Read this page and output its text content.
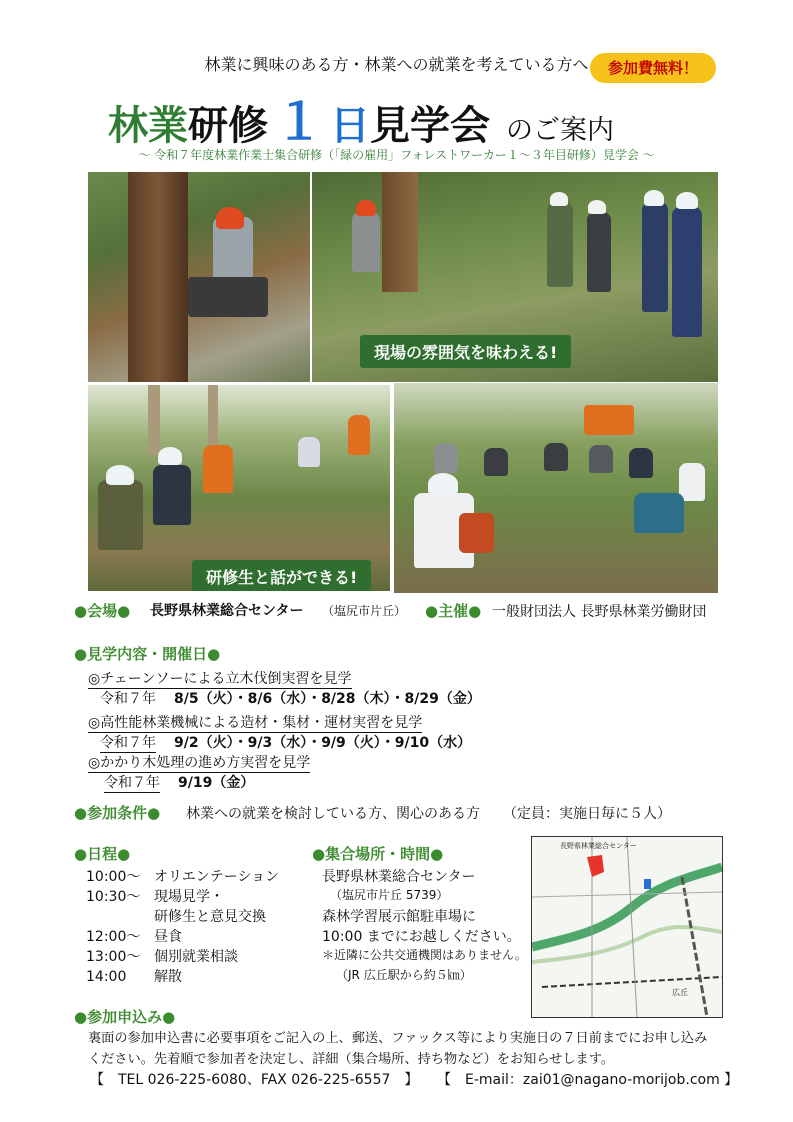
林業に興味のある方・林業への就業を考えている方へ	参加費無料！
林業研修 １ 日見学会 のご案内
～ 令和７年度林業作業士集合研修（「緑の雇用」フォレストワーカー１～３年目研修）見学会 ～
現場の雰囲気を味わえる!
研修生と話ができる!
●会場● 長野県林業総合センター （塩尻市片丘） ●主催● 一般財団法人 長野県林業労働財団
●見学内容・開催日●
◎チェーンソーによる立木伐倒実習を見学
令和７年 8/5（火）・8/6（水）・8/28（木）・8/29（金）
◎高性能林業機械による造材・集材・運材実習を見学
令和７年 9/2（火）・9/3（水）・9/9（火）・9/10（水）
◎かかり木処理の進め方実習を見学
令和７年 9/19（金）
●参加条件● 林業への就業を検討している方、関心のある方 （定員：実施日毎に５人）
●日程●
10:00～ オリエンテーション
10:30～ 現場見学・
研修生と意見交換
12:00～ 昼食
13:00～ 個別就業相談
14:00 解散
●集合場所・時間●
長野県林業総合センター
（塩尻市片丘 5739）
森林学習展示館駐車場に
10:00 までにお越しください。
＊近隣に公共交通機関はありません。
（JR 広丘駅から約５㎞）
長野県林業総合センター
広丘
●参加申込み●
裏面の参加申込書に必要事項をご記入の上、郵送、ファックス等により実施日の７日前までにお申し込み
ください。先着順で参加者を決定し、詳細（集合場所、持ち物など）をお知らせします。
【　TEL 026-225-6080、FAX 026-225-6557　】 【　E-mail：zai01@nagano-morijob.com 】
